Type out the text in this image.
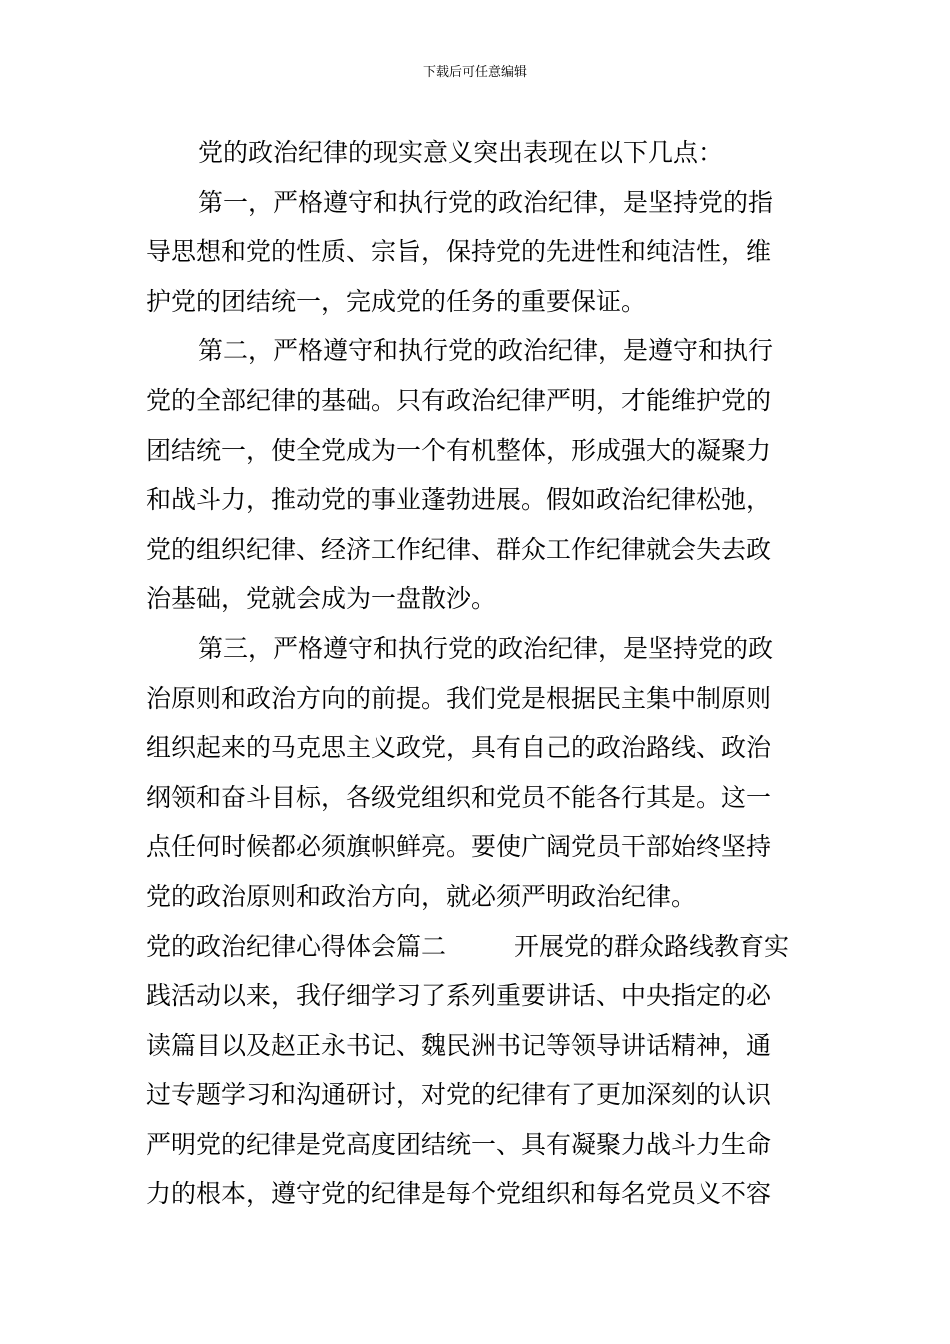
下载后可任意编辑
党的政治纪律的现实意义突出表现在以下几点：
第一，严格遵守和执行党的政治纪律，是坚持党的指
导思想和党的性质、宗旨，保持党的先进性和纯洁性，维
护党的团结统一，完成党的任务的重要保证。
第二，严格遵守和执行党的政治纪律，是遵守和执行
党的全部纪律的基础。只有政治纪律严明，才能维护党的
团结统一，使全党成为一个有机整体，形成强大的凝聚力
和战斗力，推动党的事业蓬勃进展。假如政治纪律松弛，
党的组织纪律、经济工作纪律、群众工作纪律就会失去政
治基础，党就会成为一盘散沙。
第三，严格遵守和执行党的政治纪律，是坚持党的政
治原则和政治方向的前提。我们党是根据民主集中制原则
组织起来的马克思主义政党，具有自己的政治路线、政治
纲领和奋斗目标，各级党组织和党员不能各行其是。这一
点任何时候都必须旗帜鲜亮。要使广阔党员干部始终坚持
党的政治原则和政治方向，就必须严明政治纪律。
党的政治纪律心得体会篇二	开展党的群众路线教育实
践活动以来，我仔细学习了系列重要讲话、中央指定的必
读篇目以及赵正永书记、魏民洲书记等领导讲话精神，通
过专题学习和沟通研讨，对党的纪律有了更加深刻的认识
严明党的纪律是党高度团结统一、具有凝聚力战斗力生命
力的根本，遵守党的纪律是每个党组织和每名党员义不容
